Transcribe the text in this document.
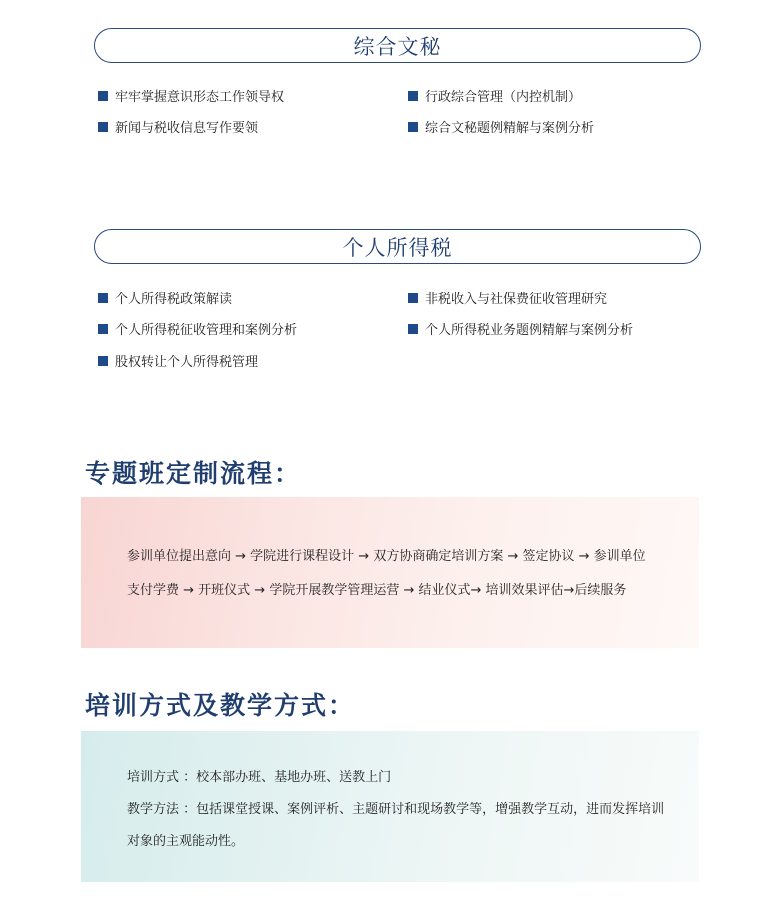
综合文秘
牢牢掌握意识形态工作领导权	行政综合管理（内控机制）
新闻与税收信息写作要领	综合文秘题例精解与案例分析
个人所得税
个人所得税政策解读	非税收入与社保费征收管理研究
个人所得税征收管理和案例分析	个人所得税业务题例精解与案例分析
股权转让个人所得税管理
专题班定制流程：
参训单位提出意向 → 学院进行课程设计 → 双方协商确定培训方案 → 签定协议 → 参训单位
支付学费 → 开班仪式 → 学院开展教学管理运营 → 结业仪式→ 培训效果评估→后续服务
培训方式及教学方式：
培训方式 ：校本部办班、基地办班、送教上门
教学方法 ：包括课堂授课、案例评析、主题研讨和现场教学等，增强教学互动，进而发挥培训
对象的主观能动性。
